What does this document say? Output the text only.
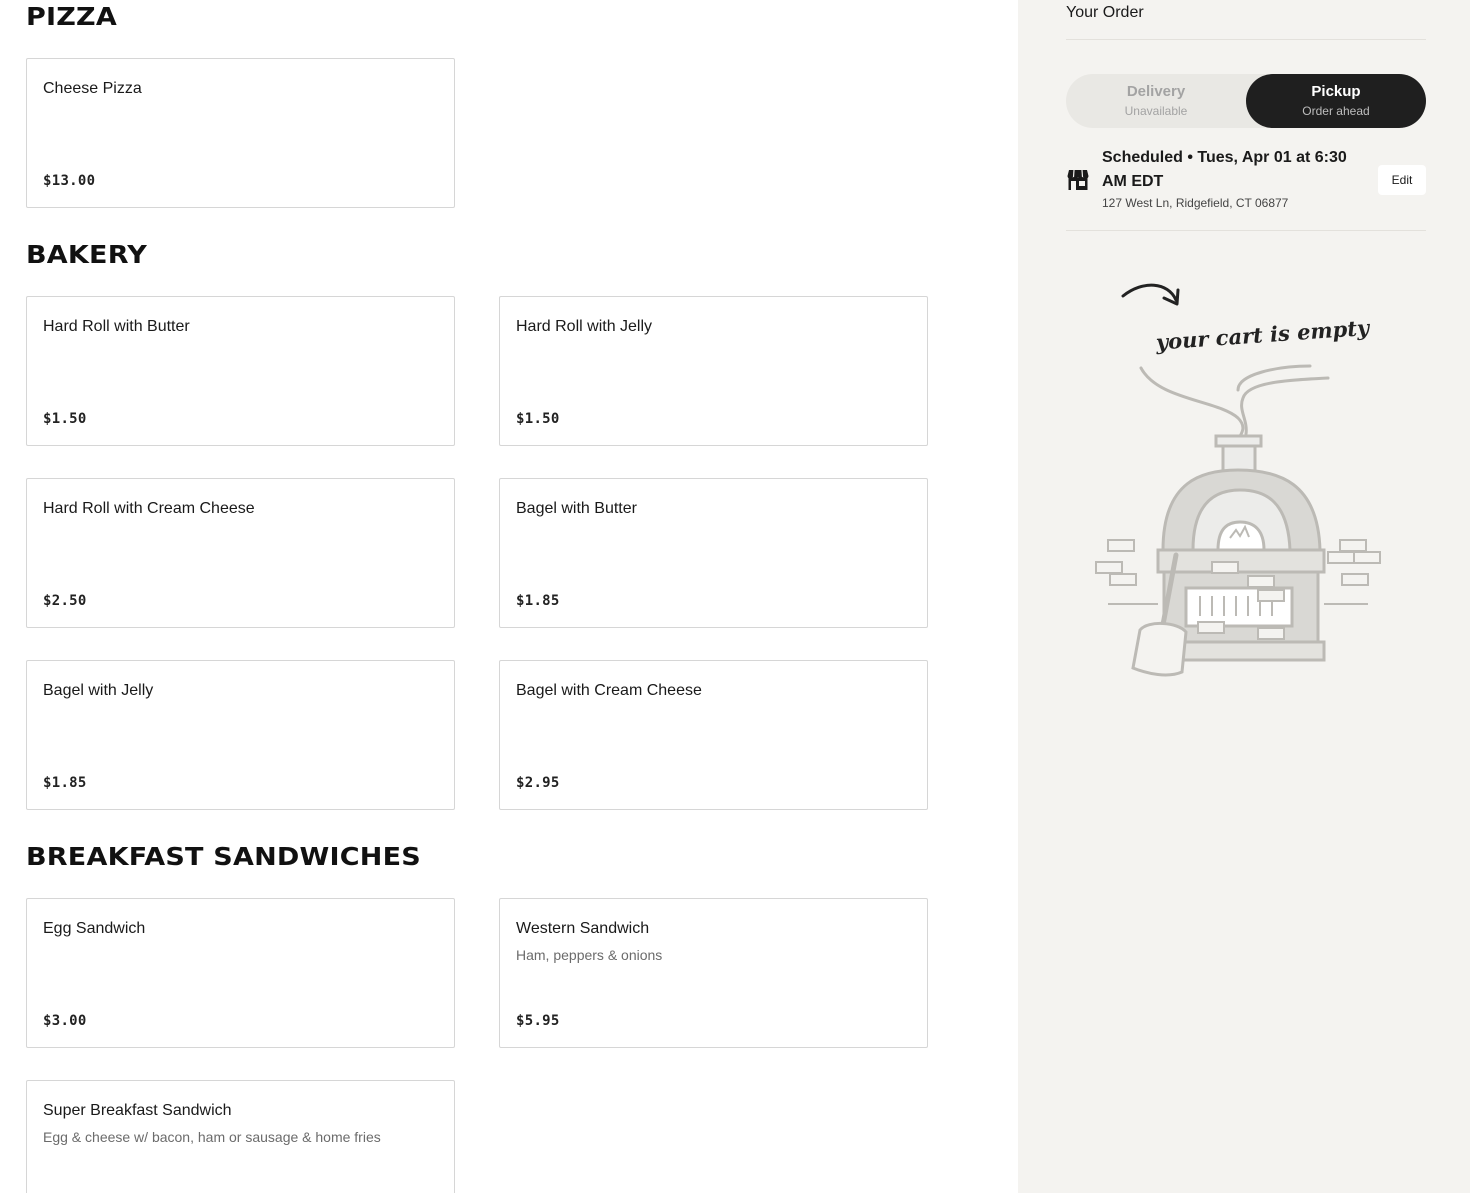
PIZZA
Cheese Pizza
$13.00
BAKERY
Hard Roll with Butter
$1.50
Hard Roll with Jelly
$1.50
Hard Roll with Cream Cheese
$2.50
Bagel with Butter
$1.85
Bagel with Jelly
$1.85
Bagel with Cream Cheese
$2.95
BREAKFAST SANDWICHES
Egg Sandwich
$3.00
Western Sandwich
Ham, peppers & onions
$5.95
Super Breakfast Sandwich
Egg & cheese w/ bacon, ham or sausage & home fries
Your Order
Delivery
Unavailable
Pickup
Order ahead
Scheduled • Tues, Apr 01 at 6:30 AM EDT
127 West Ln, Ridgefield, CT 06877
Edit
your cart is empty
